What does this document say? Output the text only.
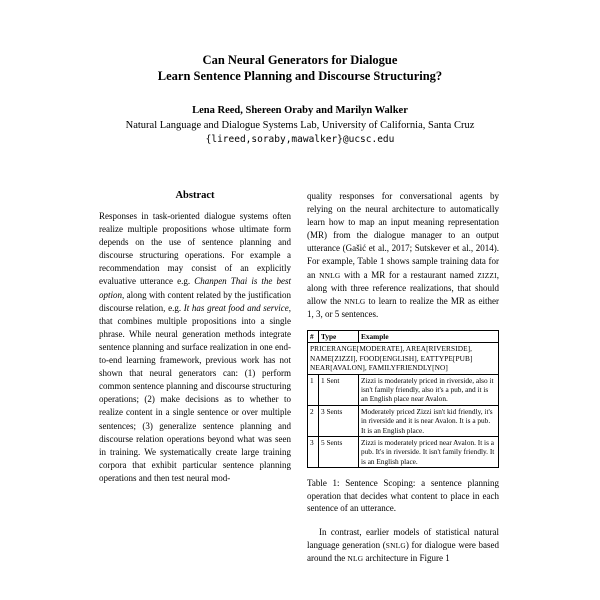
Can Neural Generators for Dialogue
Learn Sentence Planning and Discourse Structuring?
Lena Reed, Shereen Oraby and Marilyn Walker
Natural Language and Dialogue Systems Lab, University of California, Santa Cruz
{lireed,soraby,mawalker}@ucsc.edu
Abstract

Responses in task-oriented dialogue systems often realize multiple propositions whose ultimate form depends on the use of sentence planning and discourse structuring operations. For example a recommendation may consist of an explicitly evaluative utterance e.g. Chanpen Thai is the best option, along with content related by the justification discourse relation, e.g. It has great food and service, that combines multiple propositions into a single phrase. While neural generation methods integrate sentence planning and surface realization in one end-to-end learning framework, previous work has not shown that neural generators can: (1) perform common sentence planning and discourse structuring operations; (2) make decisions as to whether to realize content in a single sentence or over multiple sentences; (3) generalize sentence planning and discourse relation operations beyond what was seen in training. We systematically create large training corpora that exhibit particular sentence planning operations and then test neural mod-

quality responses for conversational agents by relying on the neural architecture to automatically learn how to map an input meaning representation (MR) from the dialogue manager to an output utterance (Gašić et al., 2017; Sutskever et al., 2014). For example, Table 1 shows sample training data for an NNLG with a MR for a restaurant named ZIZZI, along with three reference realizations, that should allow the NNLG to learn to realize the MR as either 1, 3, or 5 sentences.

#	Type	Example
PRICERANGE[MODERATE], AREA[RIVERSIDE], NAME[ZIZZI], FOOD[ENGLISH], EATTYPE[PUB] NEAR[AVALON], FAMILYFRIENDLY[NO]		
1	1 Sent	Zizzi is moderately priced in riverside, also it isn't family friendly, also it's a pub, and it is an English place near Avalon.
2	3 Sents	Moderately priced Zizzi isn't kid friendly, it's in riverside and it is near Avalon. It is a pub. It is an English place.
3	5 Sents	Zizzi is moderately priced near Avalon. It is a pub. It's in riverside. It isn't family friendly. It is an English place.

Table 1: Sentence Scoping: a sentence planning operation that decides what content to place in each sentence of an utterance.

In contrast, earlier models of statistical natural language generation (SNLG) for dialogue were based around the NLG architecture in Figure 1
